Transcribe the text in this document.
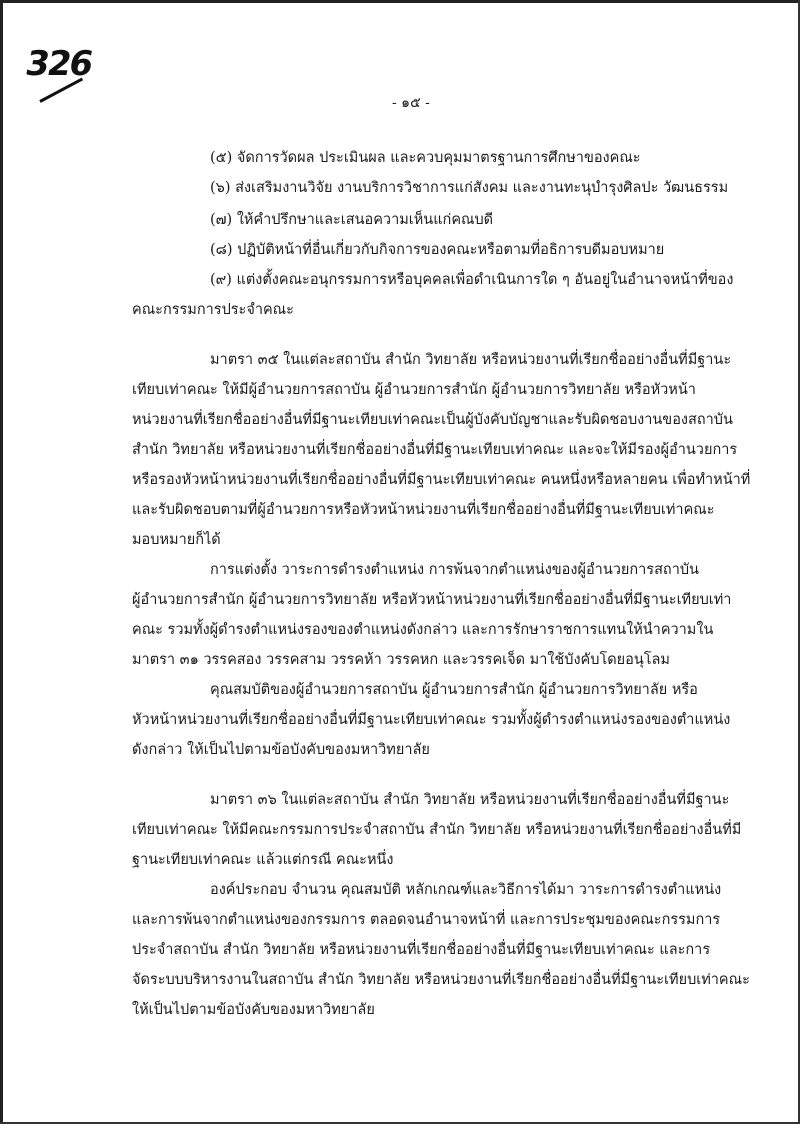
326
- ๑๕ -
(๕) จัดการวัดผล ประเมินผล และควบคุมมาตรฐานการศึกษาของคณะ
(๖) ส่งเสริมงานวิจัย งานบริการวิชาการแก่สังคม และงานทะนุบำรุงศิลปะ วัฒนธรรม
(๗) ให้คำปรึกษาและเสนอความเห็นแก่คณบดี
(๘) ปฏิบัติหน้าที่อื่นเกี่ยวกับกิจการของคณะหรือตามที่อธิการบดีมอบหมาย
(๙) แต่งตั้งคณะอนุกรรมการหรือบุคคลเพื่อดำเนินการใด ๆ อันอยู่ในอำนาจหน้าที่ของ
คณะกรรมการประจำคณะ
มาตรา ๓๕ ในแต่ละสถาบัน สำนัก วิทยาลัย หรือหน่วยงานที่เรียกชื่ออย่างอื่นที่มีฐานะ
เทียบเท่าคณะ ให้มีผู้อำนวยการสถาบัน ผู้อำนวยการสำนัก ผู้อำนวยการวิทยาลัย หรือหัวหน้า
หน่วยงานที่เรียกชื่ออย่างอื่นที่มีฐานะเทียบเท่าคณะเป็นผู้บังคับบัญชาและรับผิดชอบงานของสถาบัน
สำนัก วิทยาลัย หรือหน่วยงานที่เรียกชื่ออย่างอื่นที่มีฐานะเทียบเท่าคณะ และจะให้มีรองผู้อำนวยการ
หรือรองหัวหน้าหน่วยงานที่เรียกชื่ออย่างอื่นที่มีฐานะเทียบเท่าคณะ คนหนึ่งหรือหลายคน เพื่อทำหน้าที่
และรับผิดชอบตามที่ผู้อำนวยการหรือหัวหน้าหน่วยงานที่เรียกชื่ออย่างอื่นที่มีฐานะเทียบเท่าคณะ
มอบหมายก็ได้
การแต่งตั้ง วาระการดำรงตำแหน่ง การพ้นจากตำแหน่งของผู้อำนวยการสถาบัน
ผู้อำนวยการสำนัก ผู้อำนวยการวิทยาลัย หรือหัวหน้าหน่วยงานที่เรียกชื่ออย่างอื่นที่มีฐานะเทียบเท่า
คณะ รวมทั้งผู้ดำรงตำแหน่งรองของตำแหน่งดังกล่าว และการรักษาราชการแทนให้นำความใน
มาตรา ๓๑ วรรคสอง วรรคสาม วรรคห้า วรรคหก และวรรคเจ็ด มาใช้บังคับโดยอนุโลม
คุณสมบัติของผู้อำนวยการสถาบัน ผู้อำนวยการสำนัก ผู้อำนวยการวิทยาลัย หรือ
หัวหน้าหน่วยงานที่เรียกชื่ออย่างอื่นที่มีฐานะเทียบเท่าคณะ รวมทั้งผู้ดำรงตำแหน่งรองของตำแหน่ง
ดังกล่าว ให้เป็นไปตามข้อบังคับของมหาวิทยาลัย
มาตรา ๓๖ ในแต่ละสถาบัน สำนัก วิทยาลัย หรือหน่วยงานที่เรียกชื่ออย่างอื่นที่มีฐานะ
เทียบเท่าคณะ ให้มีคณะกรรมการประจำสถาบัน สำนัก วิทยาลัย หรือหน่วยงานที่เรียกชื่ออย่างอื่นที่มี
ฐานะเทียบเท่าคณะ แล้วแต่กรณี คณะหนึ่ง
องค์ประกอบ จำนวน คุณสมบัติ หลักเกณฑ์และวิธีการได้มา วาระการดำรงตำแหน่ง
และการพ้นจากตำแหน่งของกรรมการ ตลอดจนอำนาจหน้าที่ และการประชุมของคณะกรรมการ
ประจำสถาบัน สำนัก วิทยาลัย หรือหน่วยงานที่เรียกชื่ออย่างอื่นที่มีฐานะเทียบเท่าคณะ และการ
จัดระบบบริหารงานในสถาบัน สำนัก วิทยาลัย หรือหน่วยงานที่เรียกชื่ออย่างอื่นที่มีฐานะเทียบเท่าคณะ
ให้เป็นไปตามข้อบังคับของมหาวิทยาลัย
